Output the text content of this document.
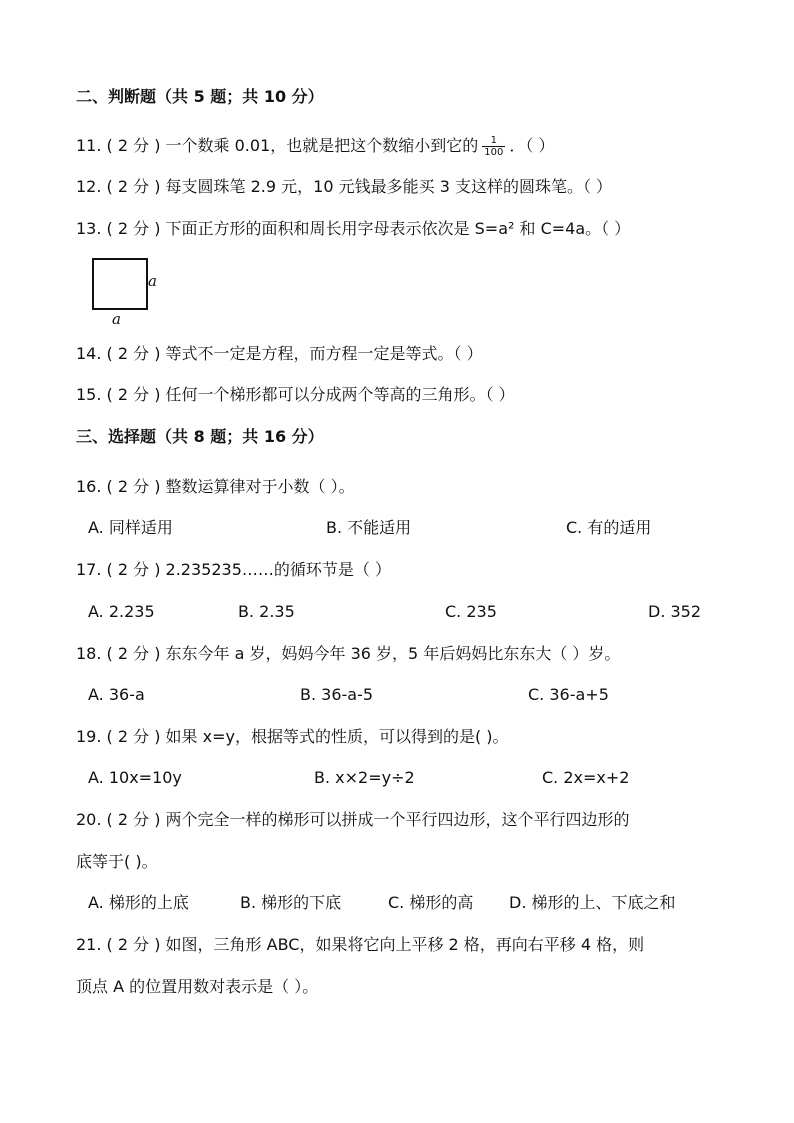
二、判断题（共 5 题；共 10 分）
11. ( 2 分 ) 一个数乘 0.01，也就是把这个数缩小到它的 $\frac{1}{100}$ ．（ ）
12. ( 2 分 ) 每支圆珠笔 2.9 元，10 元钱最多能买 3 支这样的圆珠笔。（ ）
13. ( 2 分 ) 下面正方形的面积和周长用字母表示依次是 S=a² 和 C=4a。（ ）
a
a
14. ( 2 分 ) 等式不一定是方程，而方程一定是等式。（ ）
15. ( 2 分 ) 任何一个梯形都可以分成两个等高的三角形。（ ）
三、选择题（共 8 题；共 16 分）
16. ( 2 分 ) 整数运算律对于小数（ ）。
A. 同样适用	B. 不能适用	C. 有的适用
17. ( 2 分 ) 2.235235……的循环节是（ ）
A. 2.235	B. 2.35	C. 235	D. 352
18. ( 2 分 ) 东东今年 a 岁，妈妈今年 36 岁，5 年后妈妈比东东大（ ）岁。
A. 36-a	B. 36-a-5	C. 36-a+5
19. ( 2 分 ) 如果 x=y，根据等式的性质，可以得到的是( )。
A. 10x=10y	B. x×2=y÷2	C. 2x=x+2
20. ( 2 分 ) 两个完全一样的梯形可以拼成一个平行四边形，这个平行四边形的
底等于( )。
A. 梯形的上底	B. 梯形的下底	C. 梯形的高 D. 梯形的上、下底之和
21. ( 2 分 ) 如图，三角形 ABC，如果将它向上平移 2 格，再向右平移 4 格，则
顶点 A 的位置用数对表示是（ ）。
